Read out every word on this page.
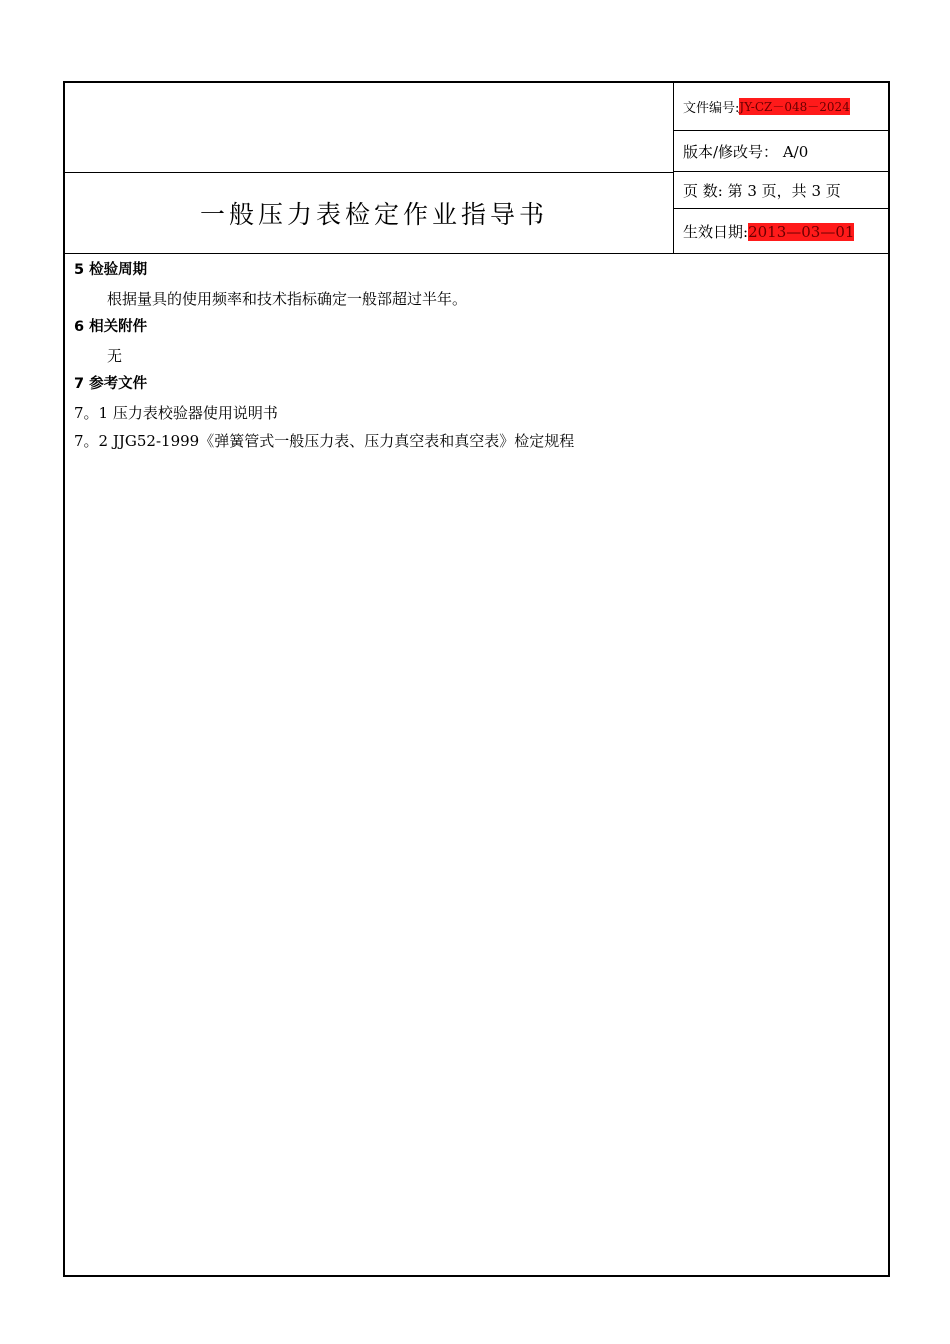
一般压力表检定作业指导书
文件编号: JY-CZ－048－2024
版本/修改号：
A/0
页 数: 第 3 页，共 3 页
生效日期: 2013—03—01
5 检验周期
根据量具的使用频率和技术指标确定一般部超过半年。
6 相关附件
无
7 参考文件
7。1 压力表校验器使用说明书
7。2 JJG52-1999《弹簧管式一般压力表、压力真空表和真空表》检定规程
